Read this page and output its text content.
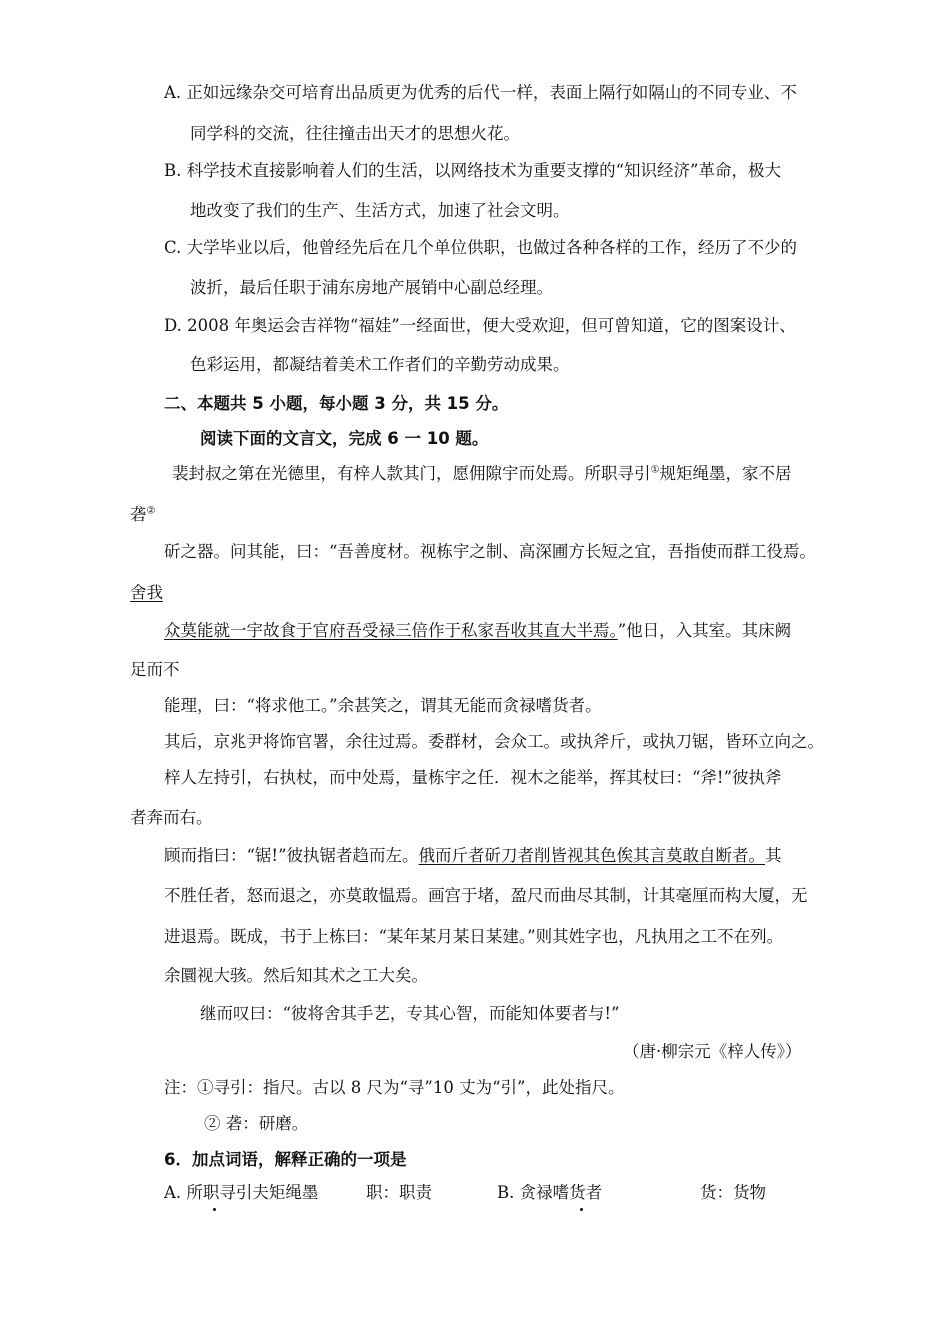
A. 正如远缘杂交可培育出品质更为优秀的后代一样，表面上隔行如隔山的不同专业、不
同学科的交流，往往撞击出天才的思想火花。
B. 科学技术直接影响着人们的生活，以网络技术为重要支撑的“知识经济”革命，极大
地改变了我们的生产、生活方式，加速了社会文明。
C. 大学毕业以后，他曾经先后在几个单位供职，也做过各种各样的工作，经历了不少的
波折，最后任职于浦东房地产展销中心副总经理。
D. 2008 年奥运会吉祥物“福娃”一经面世，便大受欢迎，但可曾知道，它的图案设计、
色彩运用，都凝结着美术工作者们的辛勤劳动成果。
二、本题共 5 小题，每小题 3 分，共 15 分。
阅读下面的文言文，完成 6 一 10 题。
裴封叔之第在光德里，有梓人款其门，愿佣隙宇而处焉。所职寻引①规矩绳墨，家不居
砻②
斫之器。问其能，曰：“吾善度材。视栋宇之制、高深圃方长短之宜，吾指使而群工役焉。
舍我
众莫能就一宇故食于官府吾受禄三倍作于私家吾收其直大半焉。”他日，入其室。其床阙
足而不
能理，曰：“将求他工。”余甚笑之，谓其无能而贪禄嗜货者。
其后，京兆尹将饰官署，余往过焉。委群材，会众工。或执斧斤，或执刀锯，皆环立向之。
梓人左持引，右执杖，而中处焉，量栋宇之任．视木之能举，挥其杖曰：“斧!”彼执斧
者奔而右。
顾而指曰：“锯!”彼执锯者趋而左。俄而斤者斫刀者削皆视其色俟其言莫敢自断者。其
不胜任者，怒而退之，亦莫敢愠焉。画宫于堵，盈尺而曲尽其制，计其毫厘而构大厦，无
进退焉。既成，书于上栋曰：“某年某月某日某建。”则其姓字也，凡执用之工不在列。
余圜视大骇。然后知其术之工大矣。
继而叹曰：“彼将舍其手艺，专其心智，而能知体要者与!”
（唐·柳宗元《梓人传》）
注：①寻引：指尺。古以 8 尺为“寻”10 丈为“引”，此处指尺。
② 砻：研磨。
6．加点词语，解释正确的一项是
A. 所职寻引夫矩绳墨	职：职责	B. 贪禄嗜货者	货：货物
